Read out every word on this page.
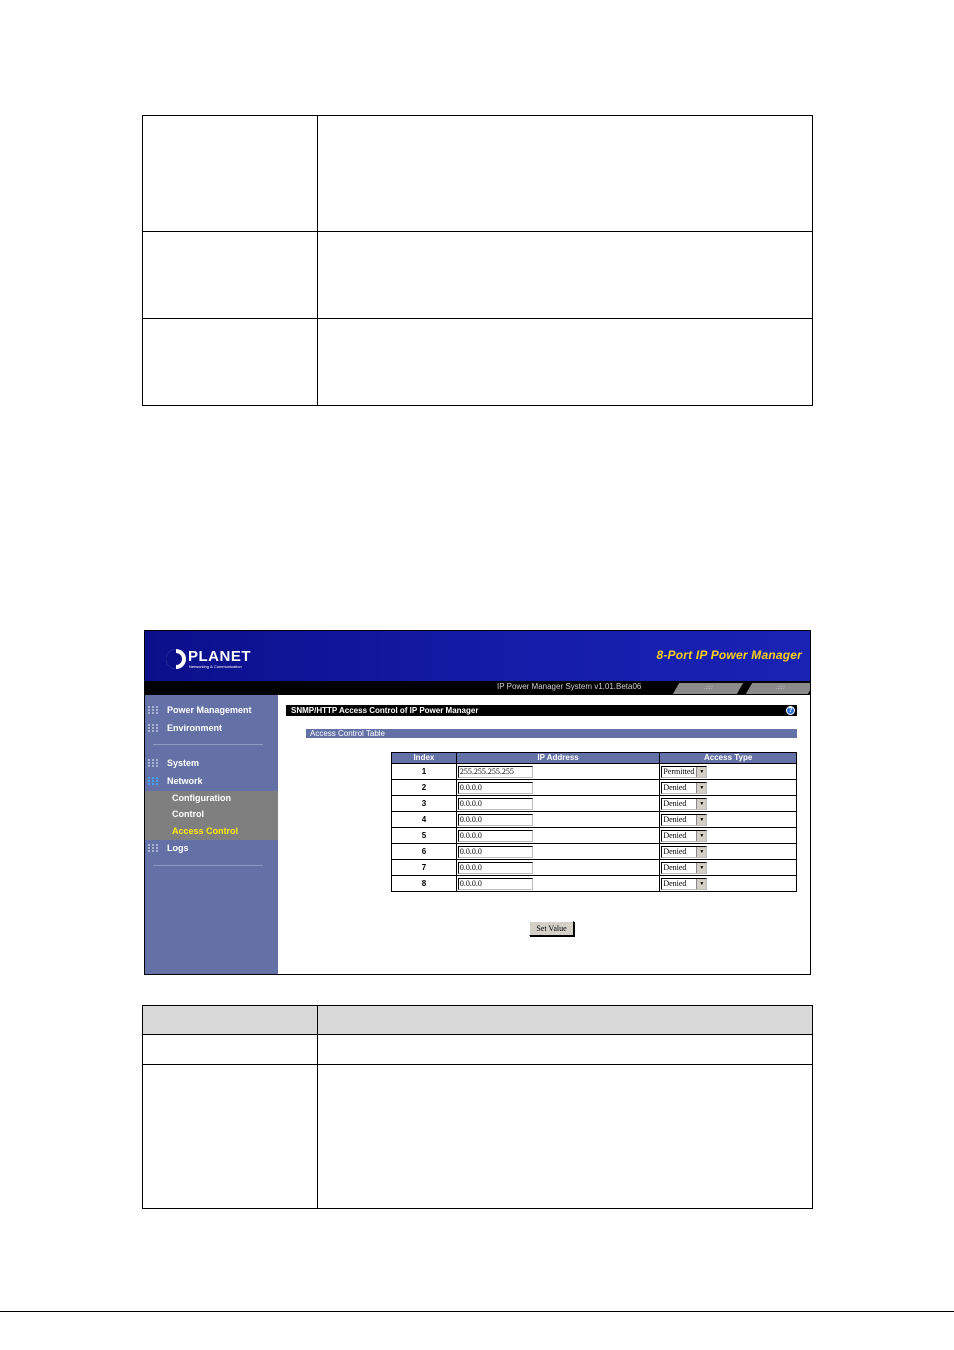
PLANET
Networking & Communication
8-Port IP Power Manager
IP Power Manager System v1.01.Beta06	:::::	:::::
Power Management
Environment
System
Network
Configuration
Control
Access Control
Logs
SNMP/HTTP Access Control of IP Power Manager	?
Access Control Table
Index	IP Address	Access Type
1	255.255.255.255	Permitted ▼

2	0.0.0.0	Denied ▼

3	0.0.0.0	Denied ▼

4	0.0.0.0	Denied ▼

5	0.0.0.0	Denied ▼

6	0.0.0.0	Denied ▼

7	0.0.0.0	Denied ▼

8	0.0.0.0	Denied ▼
Set Value
